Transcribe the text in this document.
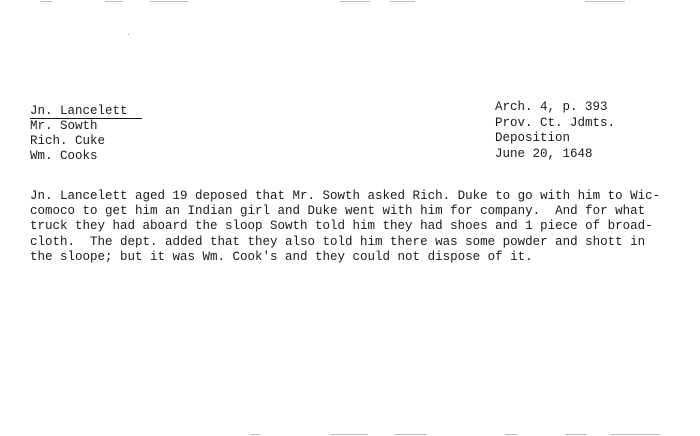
Jn. Lancelett
Mr. Sowth
Rich. Cuke
Wm. Cooks
Arch. 4, p. 393
Prov. Ct. Jdmts.
Deposition
June 20, 1648
Jn. Lancelett aged 19 deposed that Mr. Sowth asked Rich. Duke to go with him to Wic-
comoco to get him an Indian girl and Duke went with him for company.  And for what
truck they had aboard the sloop Sowth told him they had shoes and 1 piece of broad-
cloth.  The dept. added that they also told him there was some powder and shott in
the sloope; but it was Wm. Cook's and they could not dispose of it.
